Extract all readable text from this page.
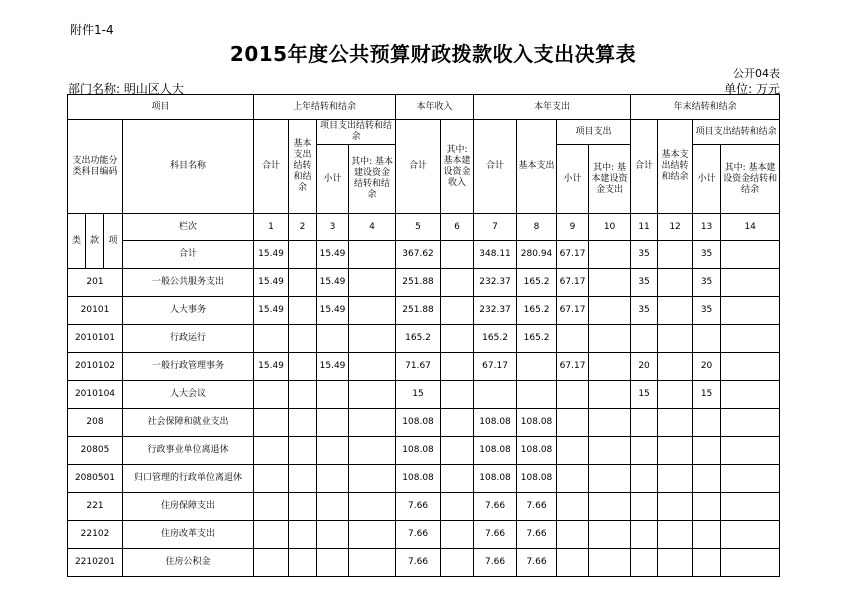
附件1-4
2015年度公共预算财政拨款收入支出决算表
公开04表
部门名称: 明山区人大	单位: 万元
项目				上年结转和结余				本年收入		本年支出				年末结转和结余			
支出功能分类科目编码			科目名称	合计	基本支出结转和结余	项目支出结转和结余		合计	其中: 基本建设资金收入	合计	基本支出	项目支出		合计	基本支出结转和结余	项目支出结转和结余	
						小计	其中: 基本建设资金结转和结余					小计	其中: 基本建设资金支出			小计	其中: 基本建设资金结转和结余

类	款	项	栏次	1	2	3	4	5	6	7	8	9	10	11	12	13	14
			合计	15.49		15.49		367.62		348.11	280.94	67.17		35		35	
201			一般公共服务支出	15.49		15.49		251.88		232.37	165.2	67.17		35		35	
20101			人大事务	15.49		15.49		251.88		232.37	165.2	67.17		35		35	
2010101			行政运行					165.2		165.2	165.2						
2010102			一般行政管理事务	15.49		15.49		71.67		67.17		67.17		20		20	
2010104			人大会议					15						15		15	
208			社会保障和就业支出					108.08		108.08	108.08						
20805			行政事业单位离退休					108.08		108.08	108.08						
2080501			归口管理的行政单位离退休					108.08		108.08	108.08						
221			住房保障支出					7.66		7.66	7.66						
22102			住房改革支出					7.66		7.66	7.66						
2210201			住房公积金					7.66		7.66	7.66						
